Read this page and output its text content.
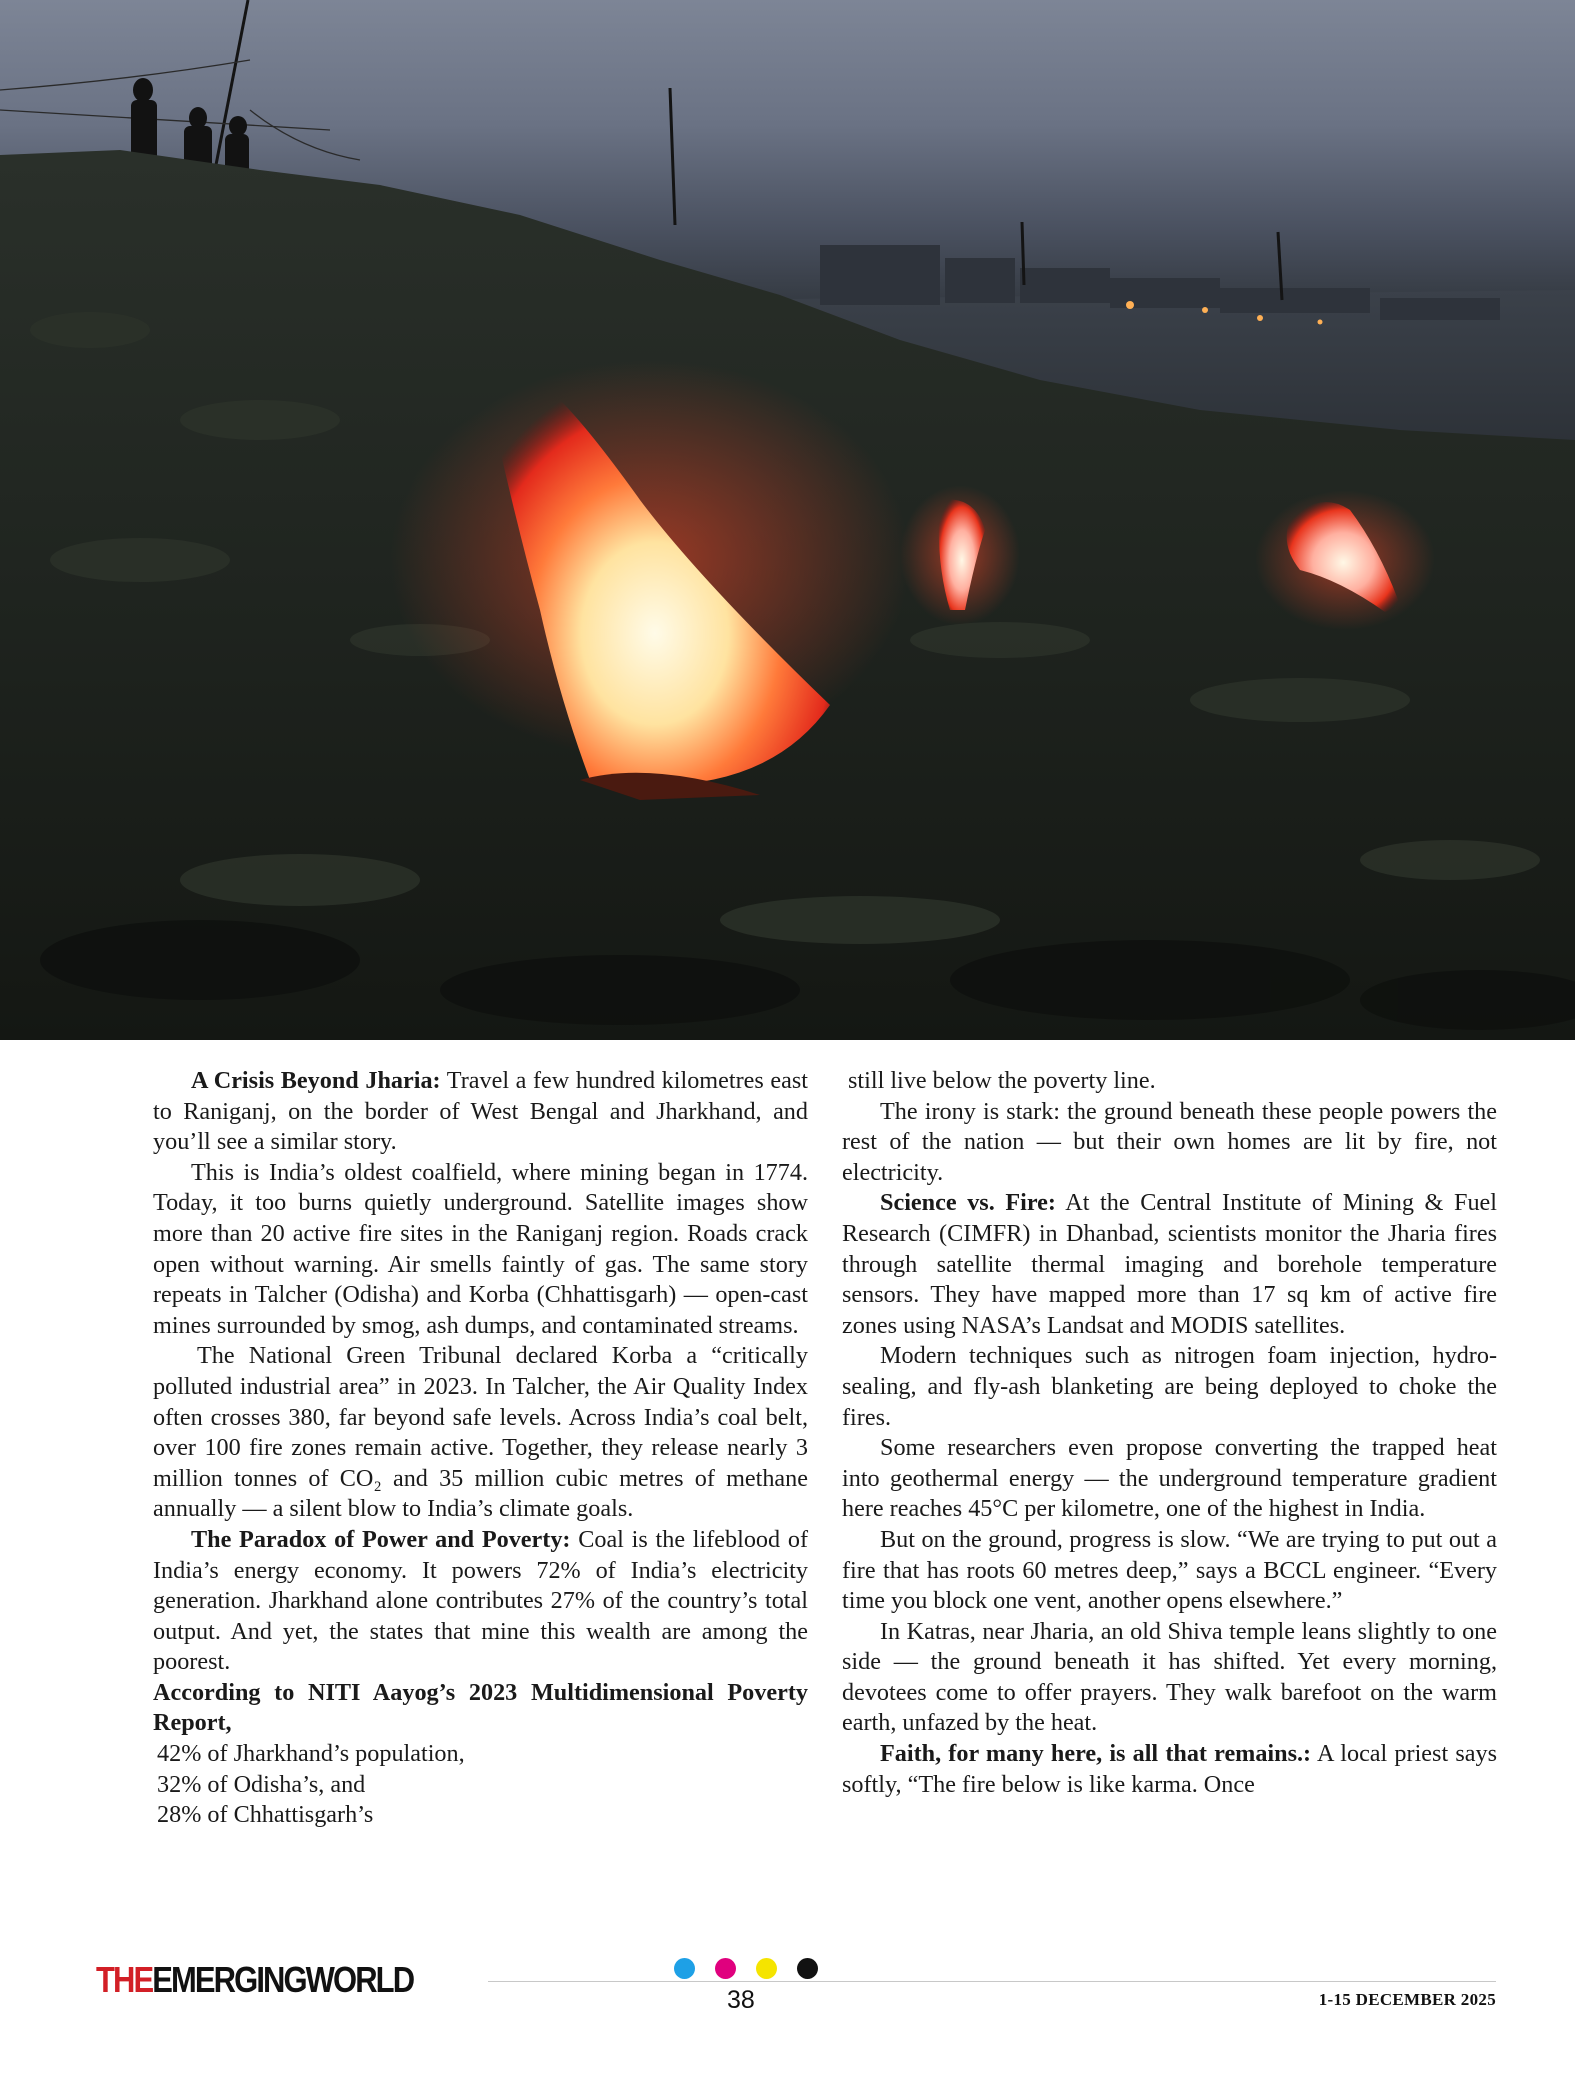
A Crisis Beyond Jharia: Travel a few hundred kilometres east to Raniganj, on the border of West Bengal and Jharkhand, and you’ll see a similar story.

This is India’s oldest coalfield, where mining began in 1774. Today, it too burns quietly underground. Satellite images show more than 20 active fire sites in the Raniganj region. Roads crack open without warning. Air smells faintly of gas. The same story repeats in Talcher (Odisha) and Korba (Chhattisgarh) — open-cast mines surrounded by smog, ash dumps, and contaminated streams.

The National Green Tribunal declared Korba a “critically polluted industrial area” in 2023. In Talcher, the Air Quality Index often crosses 380, far beyond safe levels. Across India’s coal belt, over 100 fire zones remain active. Together, they release nearly 3 million tonnes of CO₂ and 35 million cubic metres of methane annually — a silent blow to India’s climate goals.

The Paradox of Power and Poverty: Coal is the lifeblood of India’s energy economy. It powers 72% of India’s electricity generation. Jharkhand alone contributes 27% of the country’s total output. And yet, the states that mine this wealth are among the poorest.

According to NITI Aayog’s 2023 Multidimensional Poverty Report,

42% of Jharkhand’s population,

32% of Odisha’s, and

28% of Chhattisgarh’s

still live below the poverty line.

The irony is stark: the ground beneath these people powers the rest of the nation — but their own homes are lit by fire, not electricity.

Science vs. Fire: At the Central Institute of Mining & Fuel Research (CIMFR) in Dhanbad, scientists monitor the Jharia fires through satellite thermal imaging and borehole temperature sensors. They have mapped more than 17 sq km of active fire zones using NASA’s Landsat and MODIS satellites.

Modern techniques such as nitrogen foam injection, hydro-sealing, and fly-ash blanketing are being deployed to choke the fires.

Some researchers even propose converting the trapped heat into geothermal energy — the underground temperature gradient here reaches 45°C per kilometre, one of the highest in India.

But on the ground, progress is slow. “We are trying to put out a fire that has roots 60 metres deep,” says a BCCL engineer. “Every time you block one vent, another opens elsewhere.”

In Katras, near Jharia, an old Shiva temple leans slightly to one side — the ground beneath it has shifted. Yet every morning, devotees come to offer prayers. They walk barefoot on the warm earth, unfazed by the heat.

Faith, for many here, is all that remains.: A local priest says softly, “The fire below is like karma. Once

THEEMERGINGWORLD	38	1-15 DECEMBER 2025
